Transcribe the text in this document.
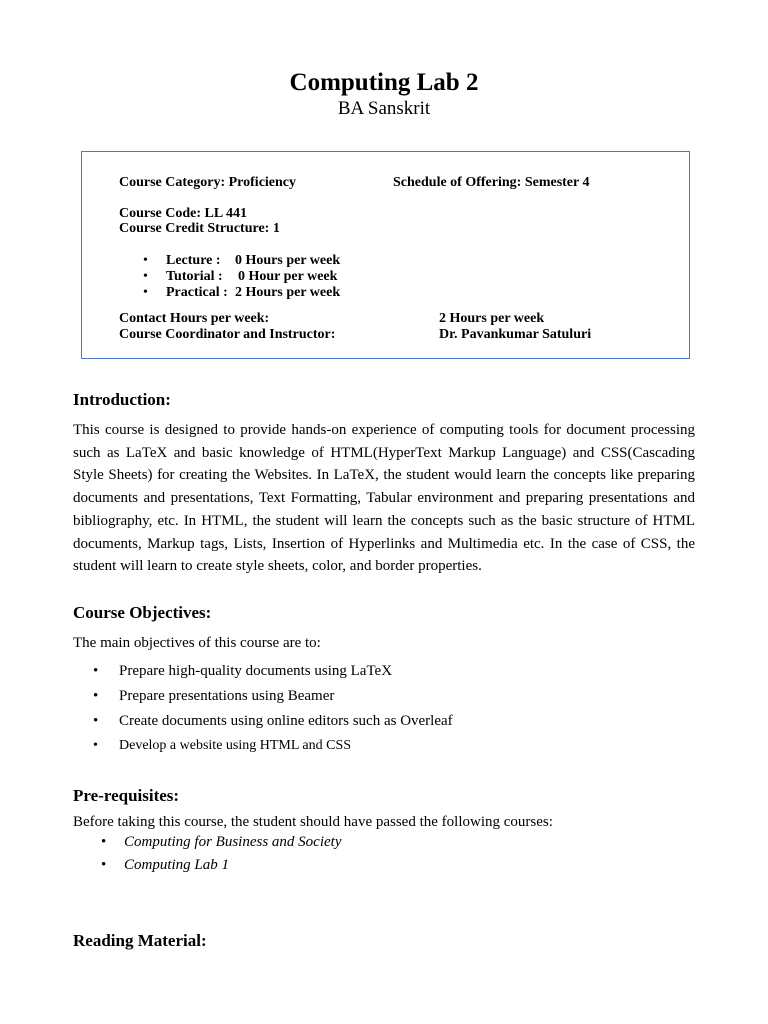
Computing Lab 2
BA Sanskrit
Course Category: Proficiency	Schedule of Offering: Semester 4
Course Code: LL 441
Course Credit Structure: 1
• Lecture : 0 Hours per week
• Tutorial : 0 Hour per week
• Practical : 2 Hours per week
Contact Hours per week:	2 Hours per week
Course Coordinator and Instructor:	Dr. Pavankumar Satuluri
Introduction:

This course is designed to provide hands-on experience of computing tools for document processing such as LaTeX and basic knowledge of HTML(HyperText Markup Language) and CSS(Cascading Style Sheets) for creating the Websites. In LaTeX, the student would learn the concepts like preparing documents and presentations, Text Formatting, Tabular environment and preparing presentations and bibliography, etc. In HTML, the student will learn the concepts such as the basic structure of HTML documents, Markup tags, Lists, Insertion of Hyperlinks and Multimedia etc. In the case of CSS, the student will learn to create style sheets, color, and border properties.

Course Objectives:
The main objectives of this course are to:
• Prepare high-quality documents using LaTeX
• Prepare presentations using Beamer
• Create documents using online editors such as Overleaf
• Develop a website using HTML and CSS
Pre-requisites:
Before taking this course, the student should have passed the following courses:
• Computing for Business and Society
• Computing Lab 1
Reading Material:
